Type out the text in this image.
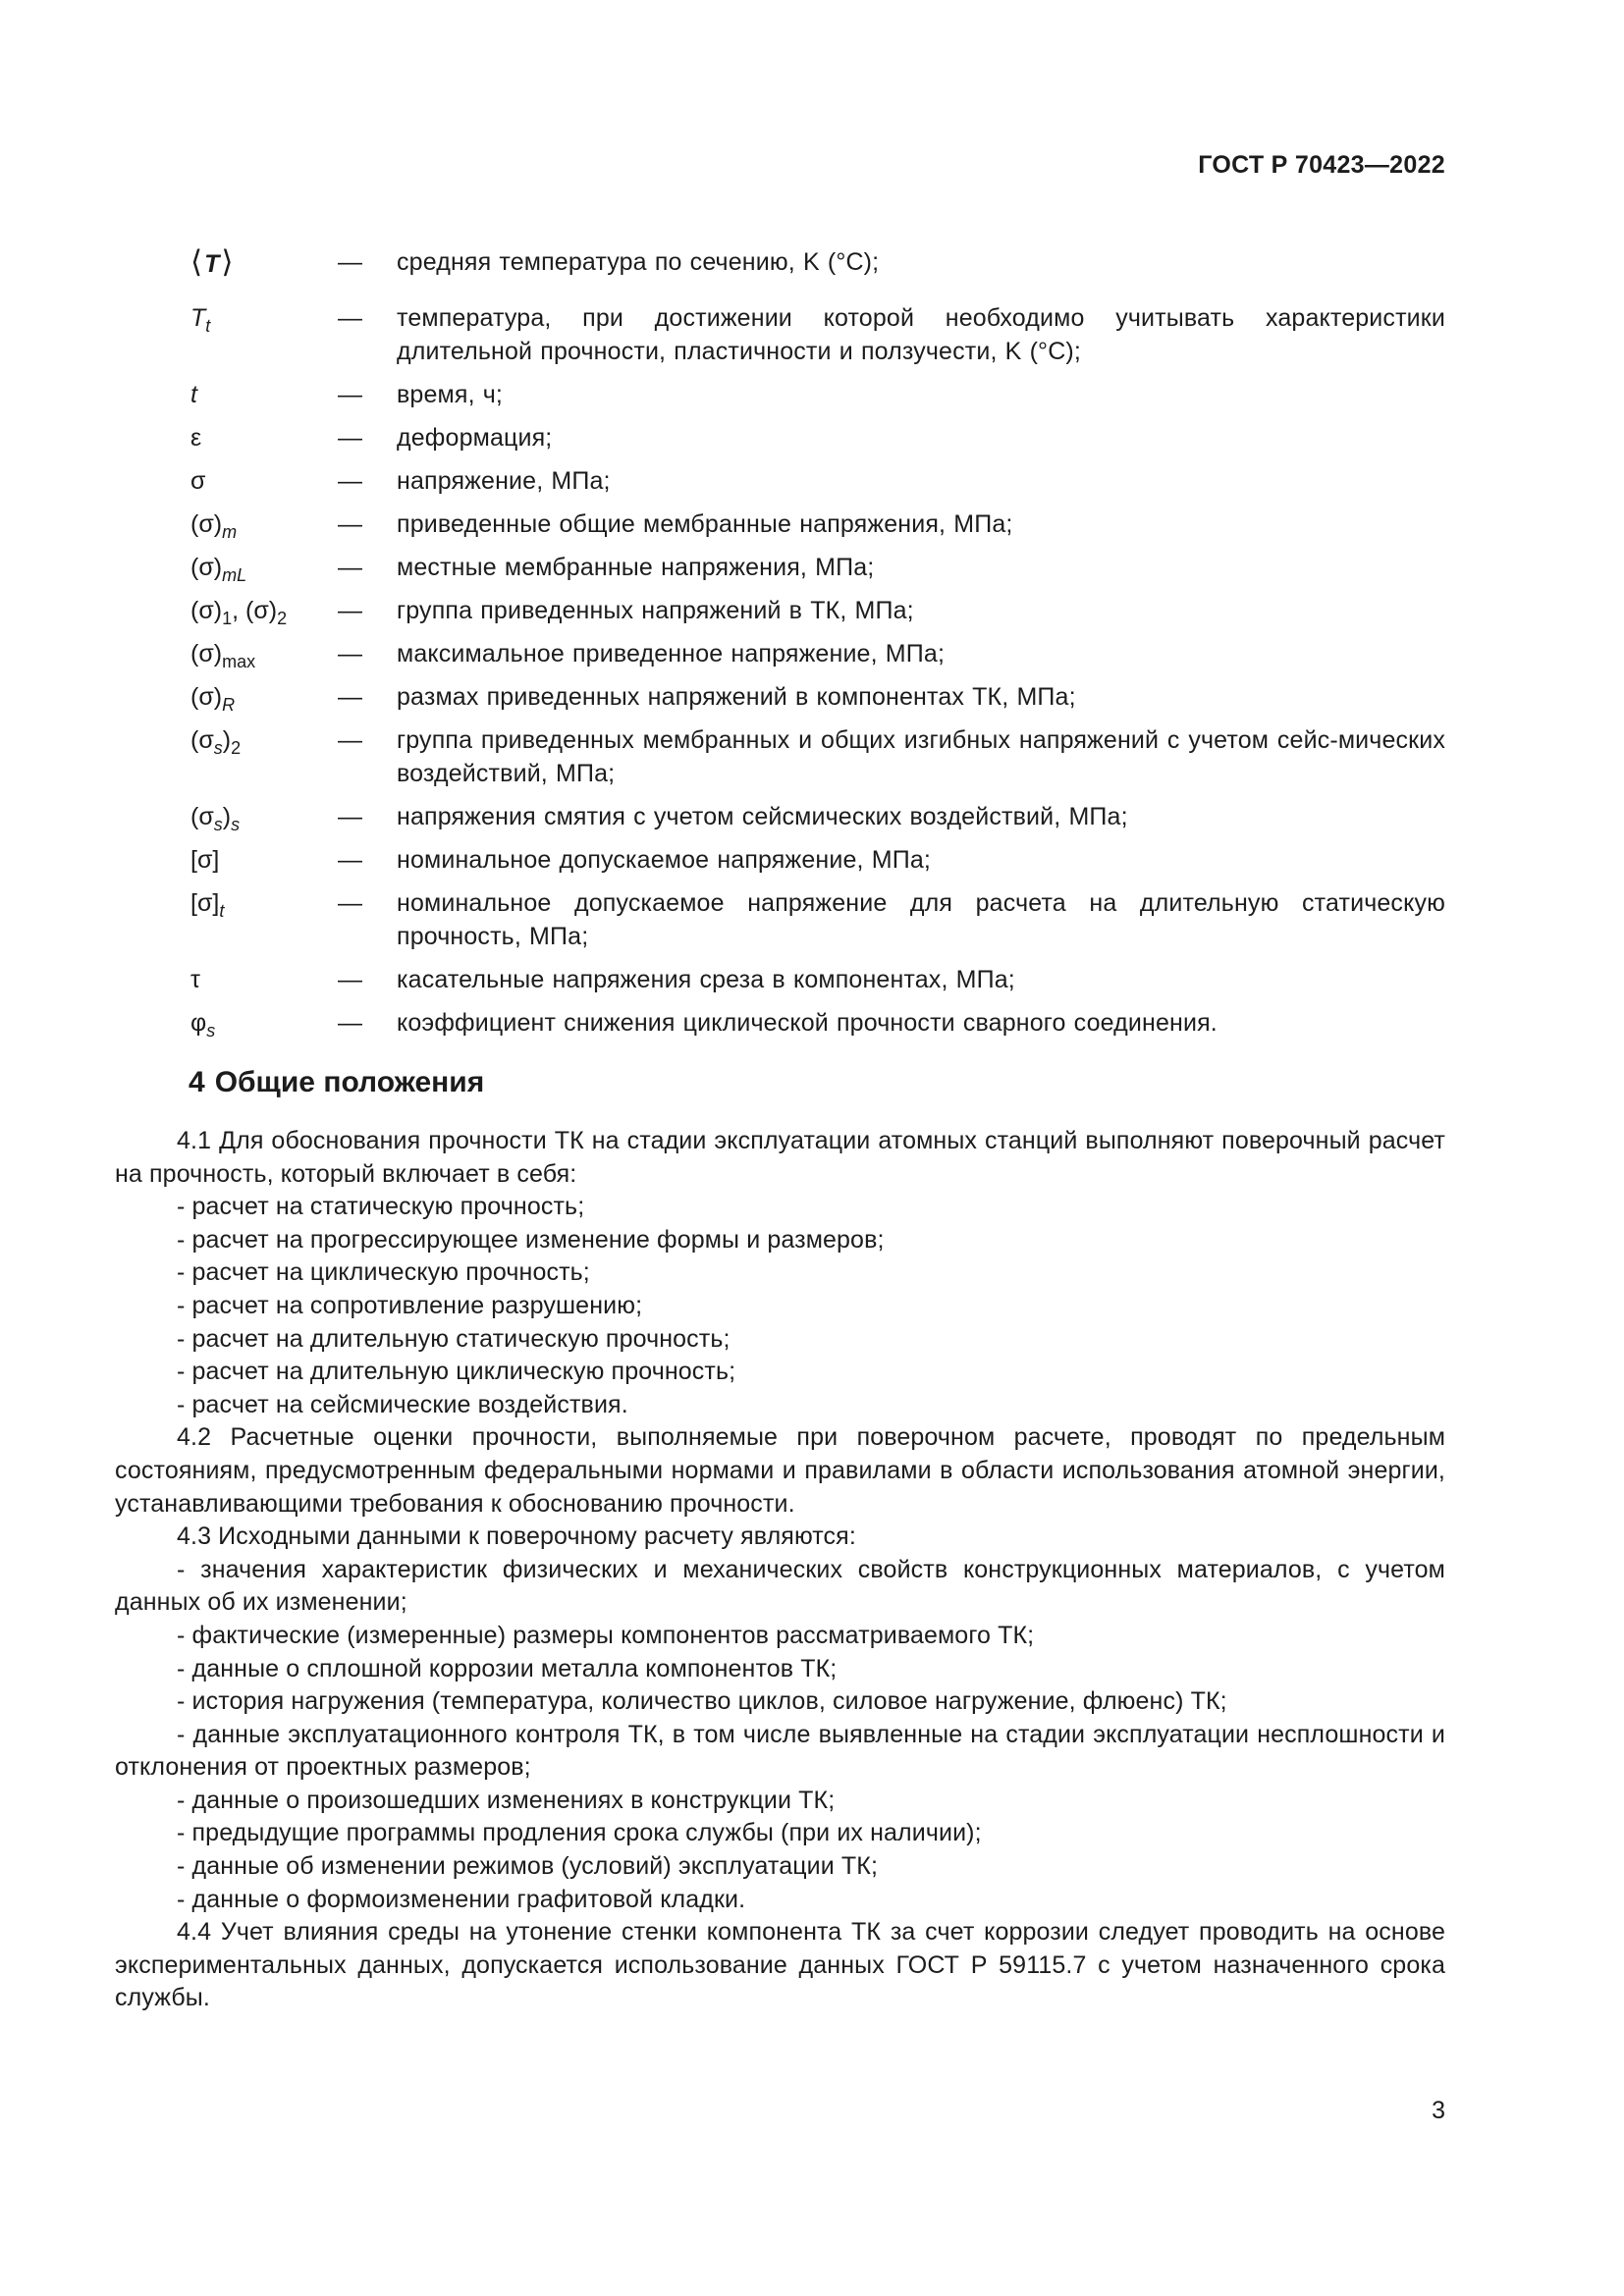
ГОСТ Р 70423—2022
⟨T⟩	—	средняя температура по сечению, K (°C);
$T_t$	—	температура, при достижении которой необходимо учитывать характеристики длительной прочности, пластичности и ползучести, K (°C);
t	—	время, ч;
ε	—	деформация;
σ	—	напряжение, МПа;
$(\sigma)_m$	—	приведенные общие мембранные напряжения, МПа;
$(\sigma)_{mL}$	—	местные мембранные напряжения, МПа;
$(\sigma)_1$, $(\sigma)_2$	—	группа приведенных напряжений в ТК, МПа;
$(\sigma)_{max}$	—	максимальное приведенное напряжение, МПа;
$(\sigma)_R$	—	размах приведенных напряжений в компонентах ТК, МПа;
$(\sigma_s)_2$	—	группа приведенных мембранных и общих изгибных напряжений с учетом сейс-мических воздействий, МПа;
$(\sigma_s)_s$	—	напряжения смятия с учетом сейсмических воздействий, МПа;
[σ]	—	номинальное допускаемое напряжение, МПа;
$[\sigma]_t$	—	номинальное допускаемое напряжение для расчета на длительную статическую прочность, МПа;
τ	—	касательные напряжения среза в компонентах, МПа;
$\varphi_s$	—	коэффициент снижения циклической прочности сварного соединения.
4 Общие положения

4.1 Для обоснования прочности ТК на стадии эксплуатации атомных станций выполняют поверочный расчет на прочность, который включает в себя:

- расчет на статическую прочность;

- расчет на прогрессирующее изменение формы и размеров;

- расчет на циклическую прочность;

- расчет на сопротивление разрушению;

- расчет на длительную статическую прочность;

- расчет на длительную циклическую прочность;

- расчет на сейсмические воздействия.

4.2 Расчетные оценки прочности, выполняемые при поверочном расчете, проводят по предельным состояниям, предусмотренным федеральными нормами и правилами в области использования атомной энергии, устанавливающими требования к обоснованию прочности.

4.3 Исходными данными к поверочному расчету являются:

- значения характеристик физических и механических свойств конструкционных материалов, с учетом данных об их изменении;

- фактические (измеренные) размеры компонентов рассматриваемого ТК;

- данные о сплошной коррозии металла компонентов ТК;

- история нагружения (температура, количество циклов, силовое нагружение, флюенс) ТК;

- данные эксплуатационного контроля ТК, в том числе выявленные на стадии эксплуатации несплошности и отклонения от проектных размеров;

- данные о произошедших изменениях в конструкции ТК;

- предыдущие программы продления срока службы (при их наличии);

- данные об изменении режимов (условий) эксплуатации ТК;

- данные о формоизменении графитовой кладки.

4.4 Учет влияния среды на утонение стенки компонента ТК за счет коррозии следует проводить на основе экспериментальных данных, допускается использование данных ГОСТ Р 59115.7 с учетом назначенного срока службы.

3
